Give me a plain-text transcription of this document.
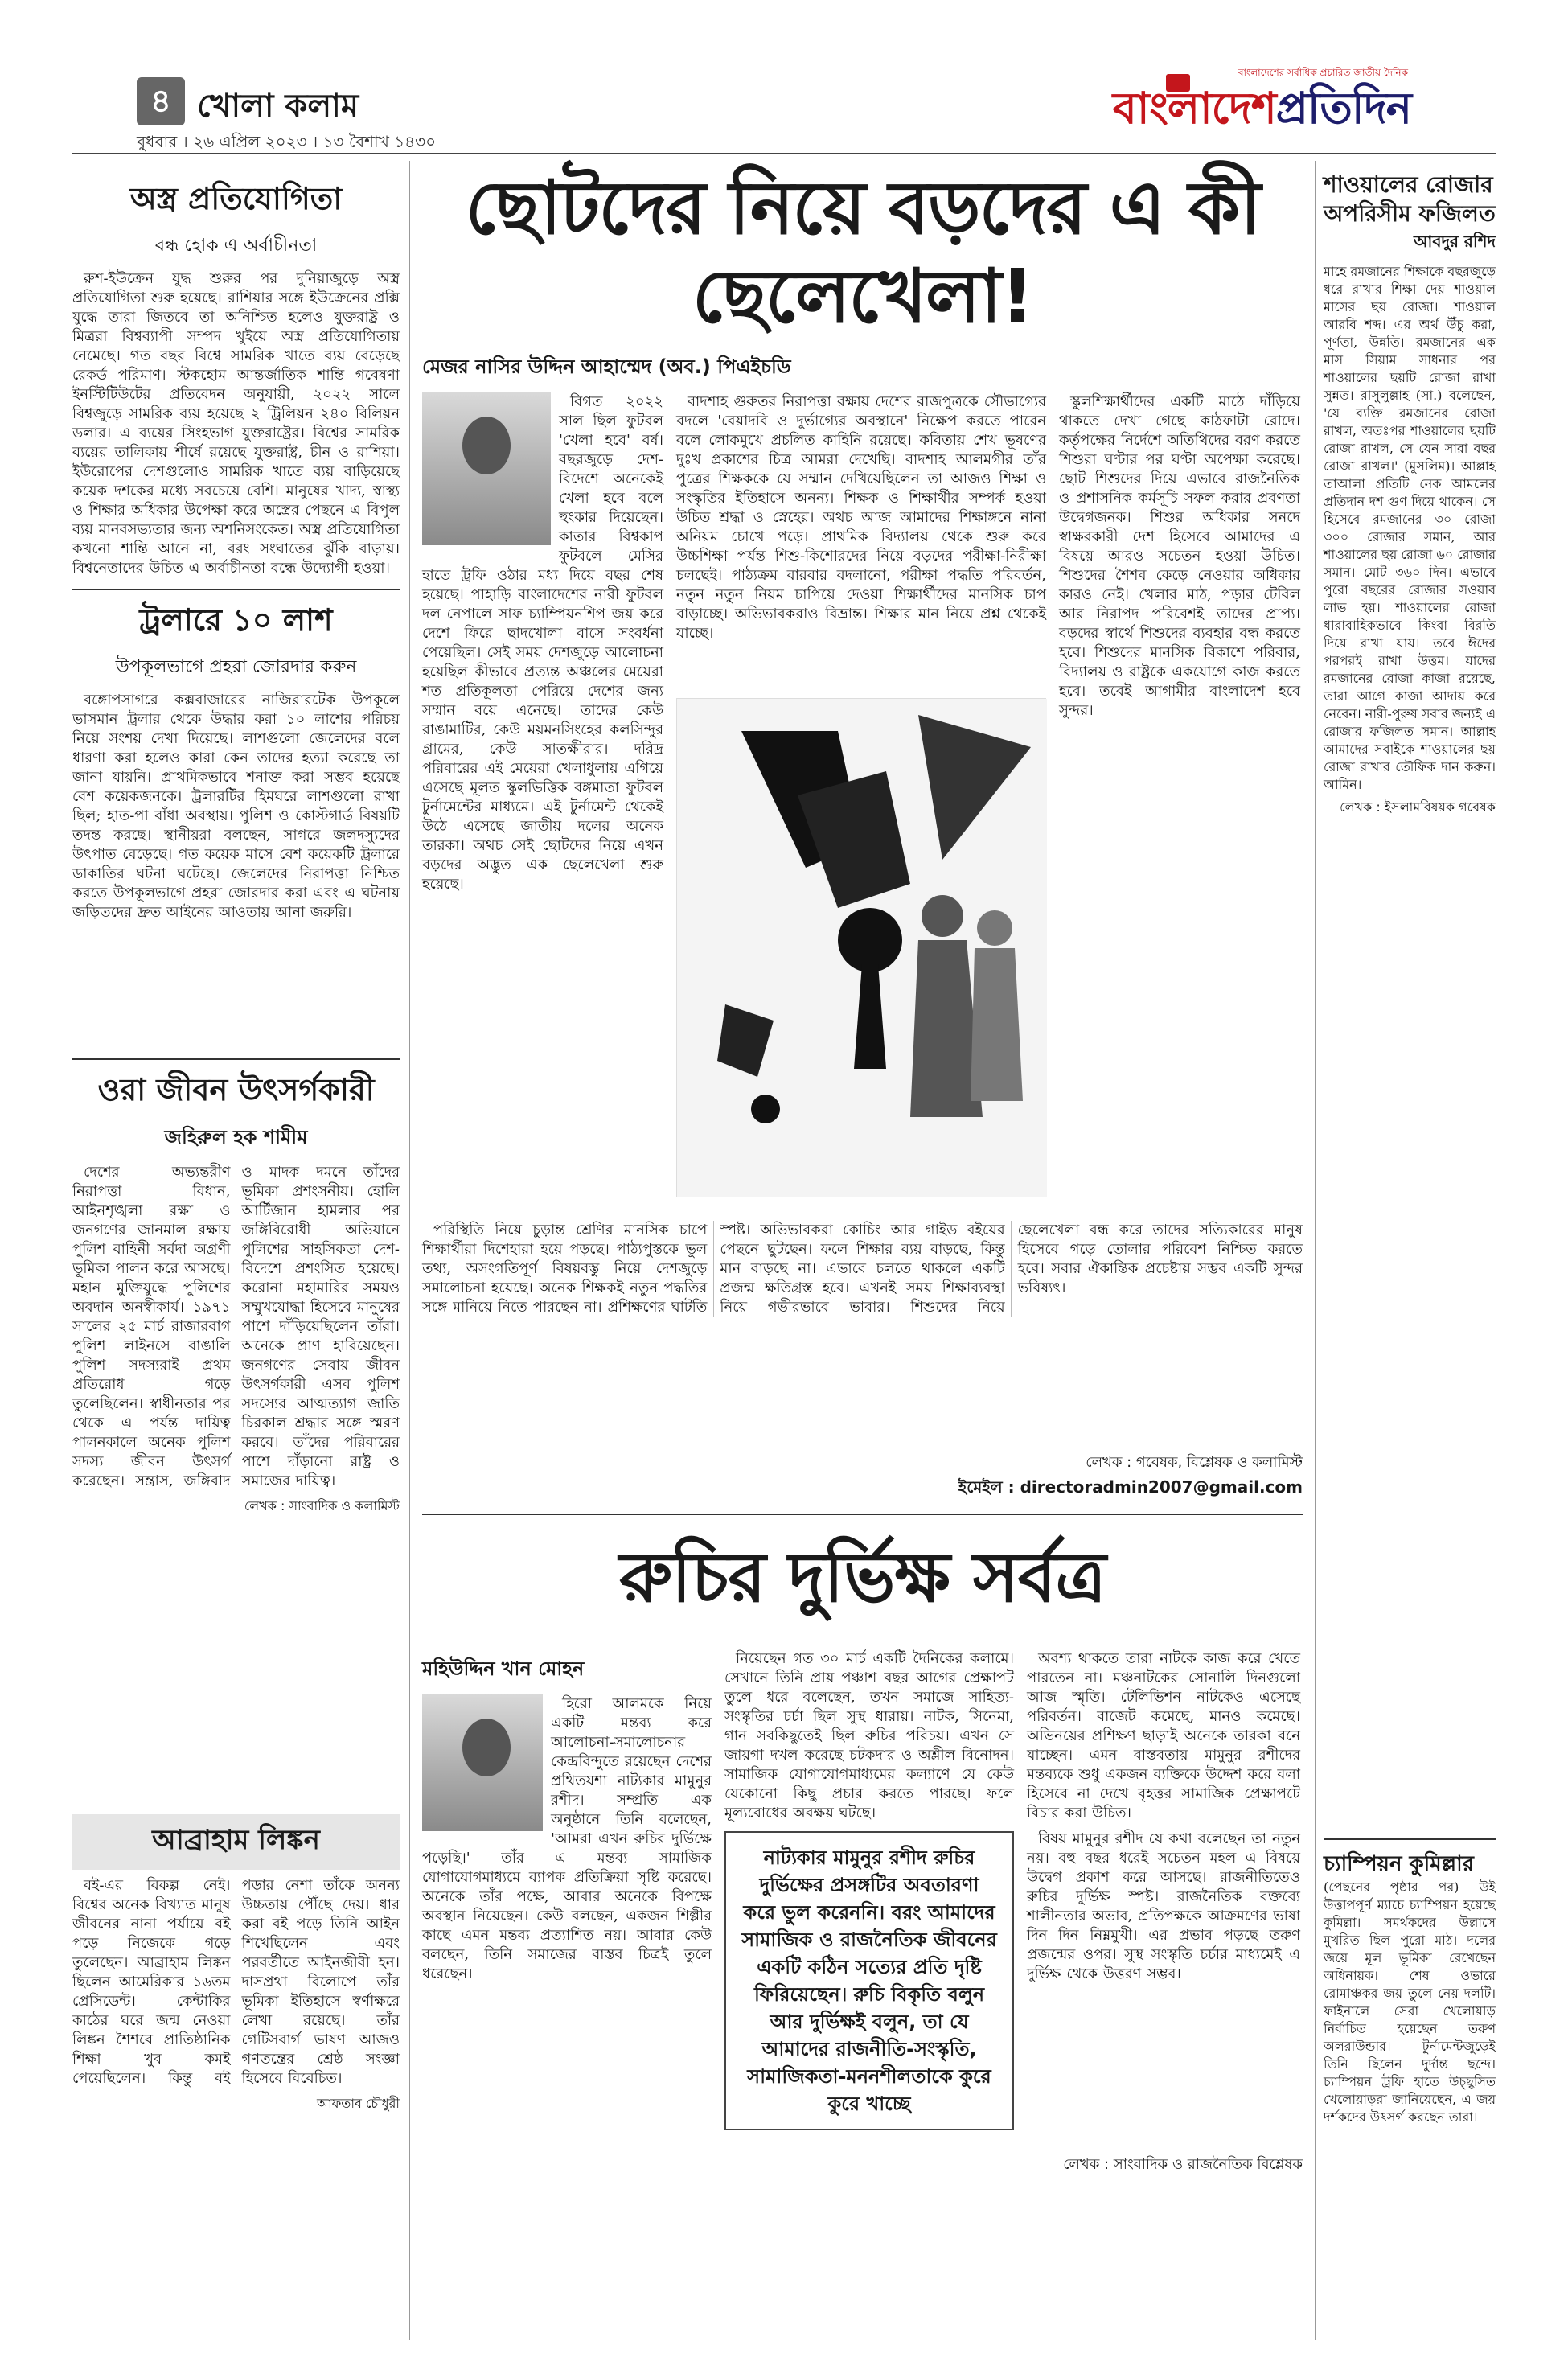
৪ খোলা কলাম
বুধবার । ২৬ এপ্রিল ২০২৩ । ১৩ বৈশাখ ১৪৩০
বাংলাদেশের সর্বাধিক প্রচারিত জাতীয় দৈনিক
বাংলাদেশপ্রতিদিন
অস্ত্র প্রতিযোগিতা
বন্ধ হোক এ অর্বাচীনতা

রুশ-ইউক্রেন যুদ্ধ শুরুর পর দুনিয়াজুড়ে অস্ত্র প্রতিযোগিতা শুরু হয়েছে। রাশিয়ার সঙ্গে ইউক্রেনের প্রক্সি যুদ্ধে তারা জিতবে তা অনিশ্চিত হলেও যুক্তরাষ্ট্র ও মিত্ররা বিশ্বব্যাপী সম্পদ খুইয়ে অস্ত্র প্রতিযোগিতায় নেমেছে। গত বছর বিশ্বে সামরিক খাতে ব্যয় বেড়েছে রেকর্ড পরিমাণ। স্টকহোম আন্তর্জাতিক শান্তি গবেষণা ইনস্টিটিউটের প্রতিবেদন অনুযায়ী, ২০২২ সালে বিশ্বজুড়ে সামরিক ব্যয় হয়েছে ২ ট্রিলিয়ন ২৪০ বিলিয়ন ডলার। এ ব্যয়ের সিংহভাগ যুক্তরাষ্ট্রের। বিশ্বের সামরিক ব্যয়ের তালিকায় শীর্ষে রয়েছে যুক্তরাষ্ট্র, চীন ও রাশিয়া। ইউরোপের দেশগুলোও সামরিক খাতে ব্যয় বাড়িয়েছে কয়েক দশকের মধ্যে সবচেয়ে বেশি। মানুষের খাদ্য, স্বাস্থ্য ও শিক্ষার অধিকার উপেক্ষা করে অস্ত্রের পেছনে এ বিপুল ব্যয় মানবসভ্যতার জন্য অশনিসংকেত। অস্ত্র প্রতিযোগিতা কখনো শান্তি আনে না, বরং সংঘাতের ঝুঁকি বাড়ায়। বিশ্বনেতাদের উচিত এ অর্বাচীনতা বন্ধে উদ্যোগী হওয়া।

ট্রলারে ১০ লাশ
উপকূলভাগে প্রহরা জোরদার করুন

বঙ্গোপসাগরে কক্সবাজারের নাজিরারটেক উপকূলে ভাসমান ট্রলার থেকে উদ্ধার করা ১০ লাশের পরিচয় নিয়ে সংশয় দেখা দিয়েছে। লাশগুলো জেলেদের বলে ধারণা করা হলেও কারা কেন তাদের হত্যা করেছে তা জানা যায়নি। প্রাথমিকভাবে শনাক্ত করা সম্ভব হয়েছে বেশ কয়েকজনকে। ট্রলারটির হিমঘরে লাশগুলো রাখা ছিল; হাত-পা বাঁধা অবস্থায়। পুলিশ ও কোস্টগার্ড বিষয়টি তদন্ত করছে। স্থানীয়রা বলছেন, সাগরে জলদস্যুদের উৎপাত বেড়েছে। গত কয়েক মাসে বেশ কয়েকটি ট্রলারে ডাকাতির ঘটনা ঘটেছে। জেলেদের নিরাপত্তা নিশ্চিত করতে উপকূলভাগে প্রহরা জোরদার করা এবং এ ঘটনায় জড়িতদের দ্রুত আইনের আওতায় আনা জরুরি।

ওরা জীবন উৎসর্গকারী
জহিরুল হক শামীম

দেশের অভ্যন্তরীণ নিরাপত্তা বিধান, আইনশৃঙ্খলা রক্ষা ও জনগণের জানমাল রক্ষায় পুলিশ বাহিনী সর্বদা অগ্রণী ভূমিকা পালন করে আসছে। মহান মুক্তিযুদ্ধে পুলিশের অবদান অনস্বীকার্য। ১৯৭১ সালের ২৫ মার্চ রাজারবাগ পুলিশ লাইনসে বাঙালি পুলিশ সদস্যরাই প্রথম প্রতিরোধ গড়ে তুলেছিলেন। স্বাধীনতার পর থেকে এ পর্যন্ত দায়িত্ব পালনকালে অনেক পুলিশ সদস্য জীবন উৎসর্গ করেছেন। সন্ত্রাস, জঙ্গিবাদ ও মাদক দমনে তাঁদের ভূমিকা প্রশংসনীয়। হোলি আর্টিজান হামলার পর জঙ্গিবিরোধী অভিযানে পুলিশের সাহসিকতা দেশ-বিদেশে প্রশংসিত হয়েছে। করোনা মহামারির সময়ও সম্মুখযোদ্ধা হিসেবে মানুষের পাশে দাঁড়িয়েছিলেন তাঁরা। অনেকে প্রাণ হারিয়েছেন। জনগণের সেবায় জীবন উৎসর্গকারী এসব পুলিশ সদস্যের আত্মত্যাগ জাতি চিরকাল শ্রদ্ধার সঙ্গে স্মরণ করবে। তাঁদের পরিবারের পাশে দাঁড়ানো রাষ্ট্র ও সমাজের দায়িত্ব।

লেখক : সাংবাদিক ও কলামিস্ট
আব্রাহাম লিঙ্কন

বই-এর বিকল্প নেই। বিশ্বের অনেক বিখ্যাত মানুষ জীবনের নানা পর্যায়ে বই পড়ে নিজেকে গড়ে তুলেছেন। আব্রাহাম লিঙ্কন ছিলেন আমেরিকার ১৬তম প্রেসিডেন্ট। কেন্টাকির কাঠের ঘরে জন্ম নেওয়া লিঙ্কন শৈশবে প্রাতিষ্ঠানিক শিক্ষা খুব কমই পেয়েছিলেন। কিন্তু বই পড়ার নেশা তাঁকে অনন্য উচ্চতায় পৌঁছে দেয়। ধার করা বই পড়ে তিনি আইন শিখেছিলেন এবং পরবর্তীতে আইনজীবী হন। দাসপ্রথা বিলোপে তাঁর ভূমিকা ইতিহাসে স্বর্ণাক্ষরে লেখা রয়েছে। তাঁর গেটিসবার্গ ভাষণ আজও গণতন্ত্রের শ্রেষ্ঠ সংজ্ঞা হিসেবে বিবেচিত।

আফতাব চৌধুরী
ছোটদের নিয়ে বড়দের এ কী ছেলেখেলা!
মেজর নাসির উদ্দিন আহাম্মেদ (অব.) পিএইচডি

বিগত ২০২২ সাল ছিল ফুটবল 'খেলা হবে' বর্ষ। বছরজুড়ে দেশ-বিদেশে অনেকেই খেলা হবে বলে হুংকার দিয়েছেন। কাতার বিশ্বকাপ ফুটবলে মেসির হাতে ট্রফি ওঠার মধ্য দিয়ে বছর শেষ হয়েছে। পাহাড়ি বাংলাদেশের নারী ফুটবল দল নেপালে সাফ চ্যাম্পিয়নশিপ জয় করে দেশে ফিরে ছাদখোলা বাসে সংবর্ধনা পেয়েছিল। সেই সময় দেশজুড়ে আলোচনা হয়েছিল কীভাবে প্রত্যন্ত অঞ্চলের মেয়েরা শত প্রতিকূলতা পেরিয়ে দেশের জন্য সম্মান বয়ে এনেছে। তাদের কেউ রাঙামাটির, কেউ ময়মনসিংহের কলসিন্দুর গ্রামের, কেউ সাতক্ষীরার। দরিদ্র পরিবারের এই মেয়েরা খেলাধুলায় এগিয়ে এসেছে মূলত স্কুলভিত্তিক বঙ্গমাতা ফুটবল টুর্নামেন্টের মাধ্যমে। এই টুর্নামেন্ট থেকেই উঠে এসেছে জাতীয় দলের অনেক তারকা। অথচ সেই ছোটদের নিয়ে এখন বড়দের অদ্ভুত এক ছেলেখেলা শুরু হয়েছে।

বাদশাহ গুরুতর নিরাপত্তা রক্ষায় দেশের রাজপুত্রকে সৌভাগ্যের বদলে 'বেয়াদবি ও দুর্ভাগ্যের অবস্থানে' নিক্ষেপ করতে পারেন বলে লোকমুখে প্রচলিত কাহিনি রয়েছে। কবিতায় শেখ ভূষণের দুঃখ প্রকাশের চিত্র আমরা দেখেছি। বাদশাহ আলমগীর তাঁর পুত্রের শিক্ষককে যে সম্মান দেখিয়েছিলেন তা আজও শিক্ষা ও সংস্কৃতির ইতিহাসে অনন্য। শিক্ষক ও শিক্ষার্থীর সম্পর্ক হওয়া উচিত শ্রদ্ধা ও স্নেহের। অথচ আজ আমাদের শিক্ষাঙ্গনে নানা অনিয়ম চোখে পড়ে। প্রাথমিক বিদ্যালয় থেকে শুরু করে উচ্চশিক্ষা পর্যন্ত শিশু-কিশোরদের নিয়ে বড়দের পরীক্ষা-নিরীক্ষা চলছেই। পাঠ্যক্রম বারবার বদলানো, পরীক্ষা পদ্ধতি পরিবর্তন, নতুন নতুন নিয়ম চাপিয়ে দেওয়া শিক্ষার্থীদের মানসিক চাপ বাড়াচ্ছে। অভিভাবকরাও বিভ্রান্ত। শিক্ষার মান নিয়ে প্রশ্ন থেকেই যাচ্ছে।

স্কুলশিক্ষার্থীদের একটি মাঠে দাঁড়িয়ে থাকতে দেখা গেছে কাঠফাটা রোদে। কর্তৃপক্ষের নির্দেশে অতিথিদের বরণ করতে শিশুরা ঘণ্টার পর ঘণ্টা অপেক্ষা করেছে। ছোট শিশুদের দিয়ে এভাবে রাজনৈতিক ও প্রশাসনিক কর্মসূচি সফল করার প্রবণতা উদ্বেগজনক। শিশুর অধিকার সনদে স্বাক্ষরকারী দেশ হিসেবে আমাদের এ বিষয়ে আরও সচেতন হওয়া উচিত। শিশুদের শৈশব কেড়ে নেওয়ার অধিকার কারও নেই। খেলার মাঠ, পড়ার টেবিল আর নিরাপদ পরিবেশই তাদের প্রাপ্য। বড়দের স্বার্থে শিশুদের ব্যবহার বন্ধ করতে হবে। শিশুদের মানসিক বিকাশে পরিবার, বিদ্যালয় ও রাষ্ট্রকে একযোগে কাজ করতে হবে। তবেই আগামীর বাংলাদেশ হবে সুন্দর।

পরিস্থিতি নিয়ে চুড়ান্ত শ্রেণির মানসিক চাপে শিক্ষার্থীরা দিশেহারা হয়ে পড়ছে। পাঠ্যপুস্তকে ভুল তথ্য, অসংগতিপূর্ণ বিষয়বস্তু নিয়ে দেশজুড়ে সমালোচনা হয়েছে। অনেক শিক্ষকই নতুন পদ্ধতির সঙ্গে মানিয়ে নিতে পারছেন না। প্রশিক্ষণের ঘাটতি স্পষ্ট। অভিভাবকরা কোচিং আর গাইড বইয়ের পেছনে ছুটছেন। ফলে শিক্ষার ব্যয় বাড়ছে, কিন্তু মান বাড়ছে না। এভাবে চলতে থাকলে একটি প্রজন্ম ক্ষতিগ্রস্ত হবে। এখনই সময় শিক্ষাব্যবস্থা নিয়ে গভীরভাবে ভাবার। শিশুদের নিয়ে ছেলেখেলা বন্ধ করে তাদের সত্যিকারের মানুষ হিসেবে গড়ে তোলার পরিবেশ নিশ্চিত করতে হবে। সবার ঐকান্তিক প্রচেষ্টায় সম্ভব একটি সুন্দর ভবিষ্যৎ।

লেখক : গবেষক, বিশ্লেষক ও কলামিস্ট
ইমেইল : directoradmin2007@gmail.com
রুচির দুর্ভিক্ষ সর্বত্র
মহিউদ্দিন খান মোহন

হিরো আলমকে নিয়ে একটি মন্তব্য করে আলোচনা-সমালোচনার কেন্দ্রবিন্দুতে রয়েছেন দেশের প্রথিতযশা নাট্যকার মামুনুর রশীদ। সম্প্রতি এক অনুষ্ঠানে তিনি বলেছেন, 'আমরা এখন রুচির দুর্ভিক্ষে পড়েছি।' তাঁর এ মন্তব্য সামাজিক যোগাযোগমাধ্যমে ব্যাপক প্রতিক্রিয়া সৃষ্টি করেছে। অনেকে তাঁর পক্ষে, আবার অনেকে বিপক্ষে অবস্থান নিয়েছেন। কেউ বলছেন, একজন শিল্পীর কাছে এমন মন্তব্য প্রত্যাশিত নয়। আবার কেউ বলছেন, তিনি সমাজের বাস্তব চিত্রই তুলে ধরেছেন।

নিয়েছেন গত ৩০ মার্চ একটি দৈনিকের কলামে। সেখানে তিনি প্রায় পঞ্চাশ বছর আগের প্রেক্ষাপট তুলে ধরে বলেছেন, তখন সমাজে সাহিত্য-সংস্কৃতির চর্চা ছিল সুস্থ ধারায়। নাটক, সিনেমা, গান সবকিছুতেই ছিল রুচির পরিচয়। এখন সে জায়গা দখল করেছে চটকদার ও অশ্লীল বিনোদন। সামাজিক যোগাযোগমাধ্যমের কল্যাণে যে কেউ যেকোনো কিছু প্রচার করতে পারছে। ফলে মূল্যবোধের অবক্ষয় ঘটছে।

নাট্যকার মামুনুর রশীদ রুচির দুর্ভিক্ষের প্রসঙ্গটির অবতারণা করে ভুল করেননি। বরং আমাদের সামাজিক ও রাজনৈতিক জীবনের একটি কঠিন সত্যের প্রতি দৃষ্টি ফিরিয়েছেন। রুচি বিকৃতি বলুন আর দুর্ভিক্ষই বলুন, তা যে আমাদের রাজনীতি-সংস্কৃতি, সামাজিকতা-মননশীলতাকে কুরে কুরে খাচ্ছে

অবশ্য থাকতে তারা নাটকে কাজ করে খেতে পারতেন না। মঞ্চনাটকের সোনালি দিনগুলো আজ স্মৃতি। টেলিভিশন নাটকেও এসেছে পরিবর্তন। বাজেট কমেছে, মানও কমেছে। অভিনয়ের প্রশিক্ষণ ছাড়াই অনেকে তারকা বনে যাচ্ছেন। এমন বাস্তবতায় মামুনুর রশীদের মন্তব্যকে শুধু একজন ব্যক্তিকে উদ্দেশ করে বলা হিসেবে না দেখে বৃহত্তর সামাজিক প্রেক্ষাপটে বিচার করা উচিত।

বিষয় মামুনুর রশীদ যে কথা বলেছেন তা নতুন নয়। বহু বছর ধরেই সচেতন মহল এ বিষয়ে উদ্বেগ প্রকাশ করে আসছে। রাজনীতিতেও রুচির দুর্ভিক্ষ স্পষ্ট। রাজনৈতিক বক্তব্যে শালীনতার অভাব, প্রতিপক্ষকে আক্রমণের ভাষা দিন দিন নিম্নমুখী। এর প্রভাব পড়ছে তরুণ প্রজন্মের ওপর। সুস্থ সংস্কৃতি চর্চার মাধ্যমেই এ দুর্ভিক্ষ থেকে উত্তরণ সম্ভব।

লেখক : সাংবাদিক ও রাজনৈতিক বিশ্লেষক
শাওয়ালের রোজার অপরিসীম ফজিলত
আবদুর রশিদ

মাহে রমজানের শিক্ষাকে বছরজুড়ে ধরে রাখার শিক্ষা দেয় শাওয়াল মাসের ছয় রোজা। শাওয়াল আরবি শব্দ। এর অর্থ উঁচু করা, পূর্ণতা, উন্নতি। রমজানের এক মাস সিয়াম সাধনার পর শাওয়ালের ছয়টি রোজা রাখা সুন্নত। রাসুলুল্লাহ (সা.) বলেছেন, 'যে ব্যক্তি রমজানের রোজা রাখল, অতঃপর শাওয়ালের ছয়টি রোজা রাখল, সে যেন সারা বছর রোজা রাখল।' (মুসলিম)। আল্লাহ তাআলা প্রতিটি নেক আমলের প্রতিদান দশ গুণ দিয়ে থাকেন। সে হিসেবে রমজানের ৩০ রোজা ৩০০ রোজার সমান, আর শাওয়ালের ছয় রোজা ৬০ রোজার সমান। মোট ৩৬০ দিন। এভাবে পুরো বছরের রোজার সওয়াব লাভ হয়। শাওয়ালের রোজা ধারাবাহিকভাবে কিংবা বিরতি দিয়ে রাখা যায়। তবে ঈদের পরপরই রাখা উত্তম। যাদের রমজানের রোজা কাজা রয়েছে, তারা আগে কাজা আদায় করে নেবেন। নারী-পুরুষ সবার জন্যই এ রোজার ফজিলত সমান। আল্লাহ আমাদের সবাইকে শাওয়ালের ছয় রোজা রাখার তৌফিক দান করুন। আমিন।

লেখক : ইসলামবিষয়ক গবেষক
চ্যাম্পিয়ন কুমিল্লার

(পেছনের পৃষ্ঠার পর) উই উত্তাপপূর্ণ ম্যাচে চ্যাম্পিয়ন হয়েছে কুমিল্লা। সমর্থকদের উল্লাসে মুখরিত ছিল পুরো মাঠ। দলের জয়ে মূল ভূমিকা রেখেছেন অধিনায়ক। শেষ ওভারে রোমাঞ্চকর জয় তুলে নেয় দলটি। ফাইনালে সেরা খেলোয়াড় নির্বাচিত হয়েছেন তরুণ অলরাউন্ডার। টুর্নামেন্টজুড়েই তিনি ছিলেন দুর্দান্ত ছন্দে। চ্যাম্পিয়ন ট্রফি হাতে উচ্ছ্বসিত খেলোয়াড়রা জানিয়েছেন, এ জয় দর্শকদের উৎসর্গ করছেন তারা।
